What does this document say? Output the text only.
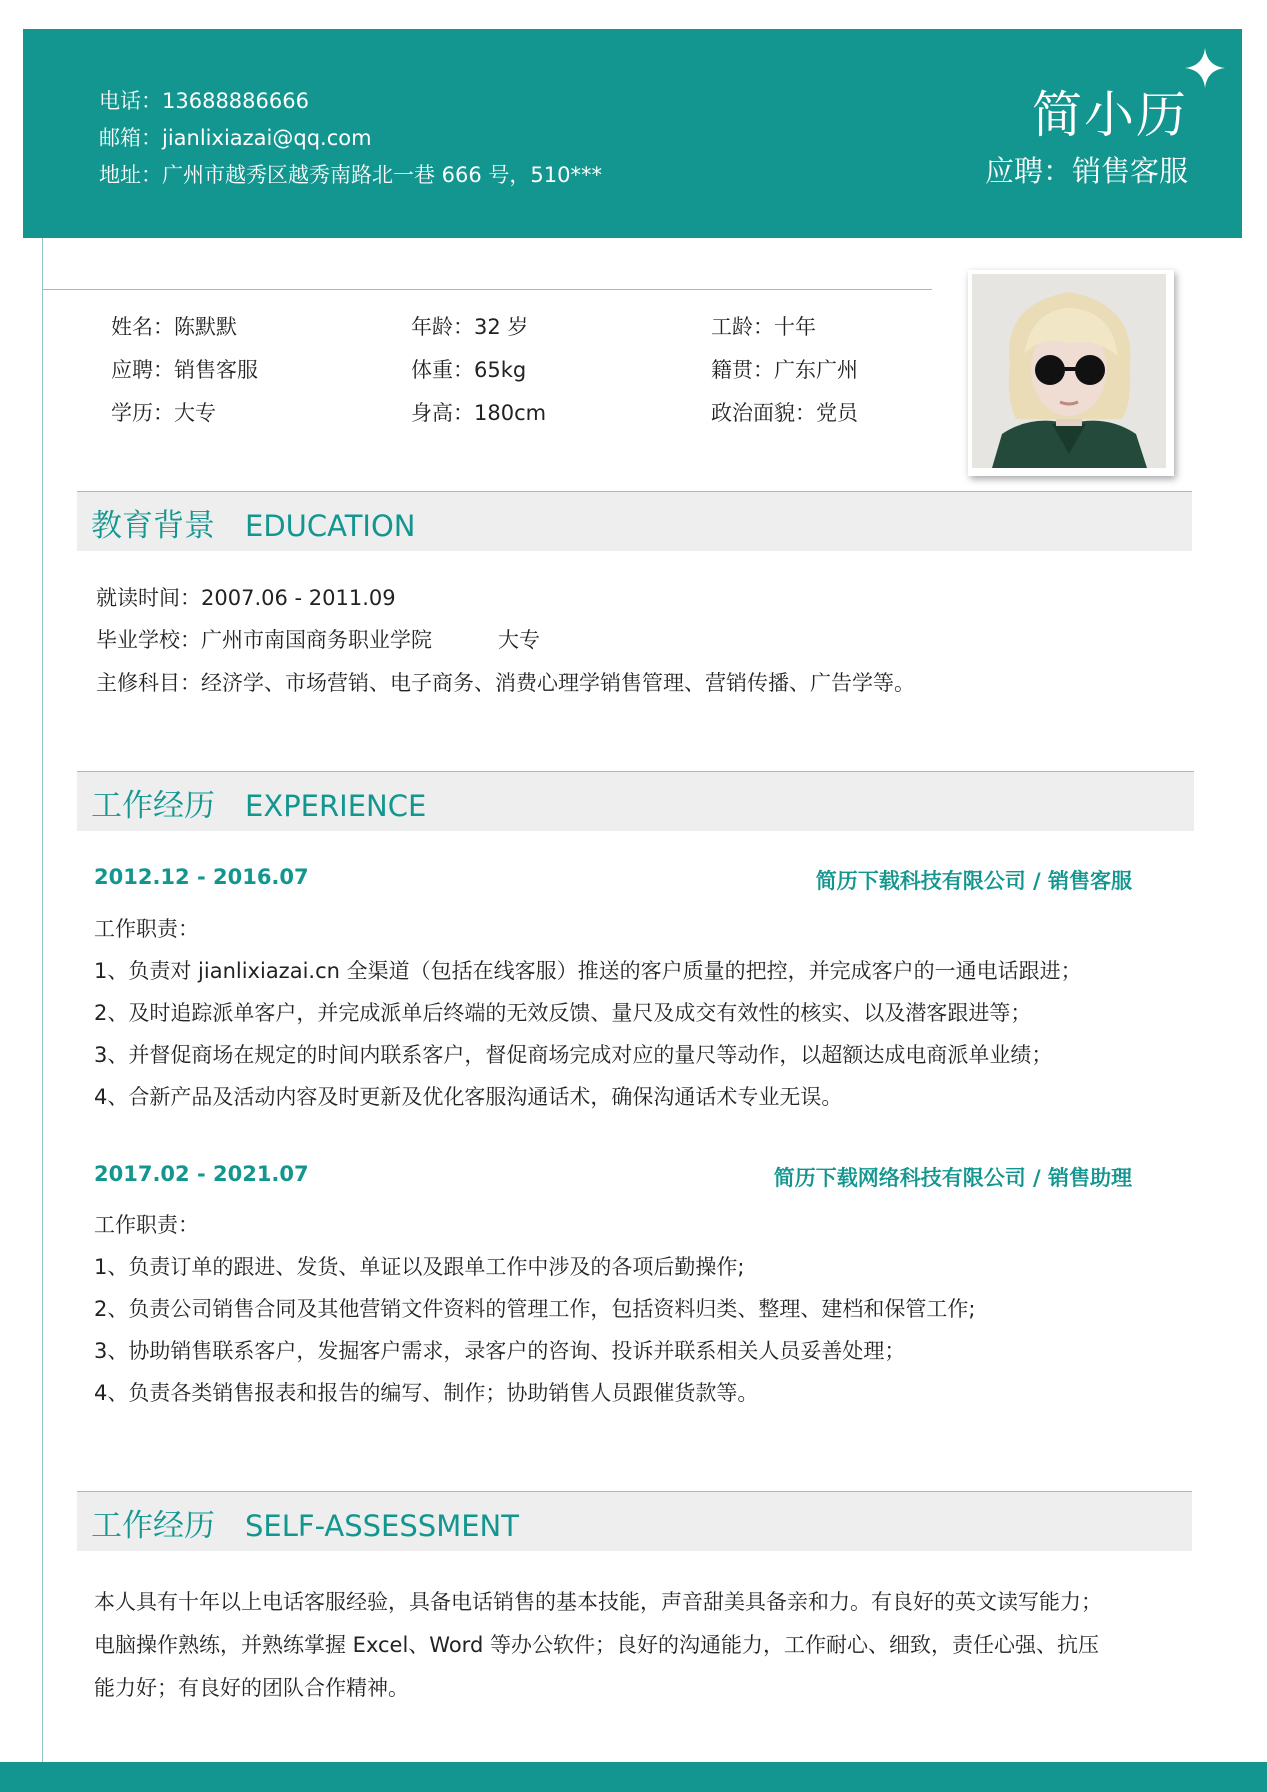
电话：13688886666
邮箱：jianlixiazai@qq.com
地址：广州市越秀区越秀南路北一巷 666 号，510***
简小历
应聘：销售客服
姓名：陈默默	年龄：32 岁	工龄：十年
应聘：销售客服	体重：65kg	籍贯：广东广州
学历：大专	身高：180cm	政治面貌：党员
教育背景 EDUCATION
就读时间：2007.06 - 2011.09
毕业学校：广州市南国商务职业学院	大专
主修科目：经济学、市场营销、电子商务、消费心理学销售管理、营销传播、广告学等。
工作经历 EXPERIENCE
2012.12 - 2016.07	简历下载科技有限公司 / 销售客服
工作职责：
1、负责对 jianlixiazai.cn 全渠道（包括在线客服）推送的客户质量的把控，并完成客户的一通电话跟进；
2、及时追踪派单客户，并完成派单后终端的无效反馈、量尺及成交有效性的核实、以及潜客跟进等；
3、并督促商场在规定的时间内联系客户，督促商场完成对应的量尺等动作，以超额达成电商派单业绩；
4、合新产品及活动内容及时更新及优化客服沟通话术，确保沟通话术专业无误。
2017.02 - 2021.07	简历下载网络科技有限公司 / 销售助理
工作职责：
1、负责订单的跟进、发货、单证以及跟单工作中涉及的各项后勤操作;
2、负责公司销售合同及其他营销文件资料的管理工作，包括资料归类、整理、建档和保管工作;
3、协助销售联系客户，发掘客户需求，录客户的咨询、投诉并联系相关人员妥善处理；
4、负责各类销售报表和报告的编写、制作；协助销售人员跟催货款等。
工作经历 SELF-ASSESSMENT
本人具有十年以上电话客服经验，具备电话销售的基本技能，声音甜美具备亲和力。有良好的英文读写能力；
电脑操作熟练，并熟练掌握 Excel、Word 等办公软件；良好的沟通能力，工作耐心、细致，责任心强、抗压
能力好；有良好的团队合作精神。
